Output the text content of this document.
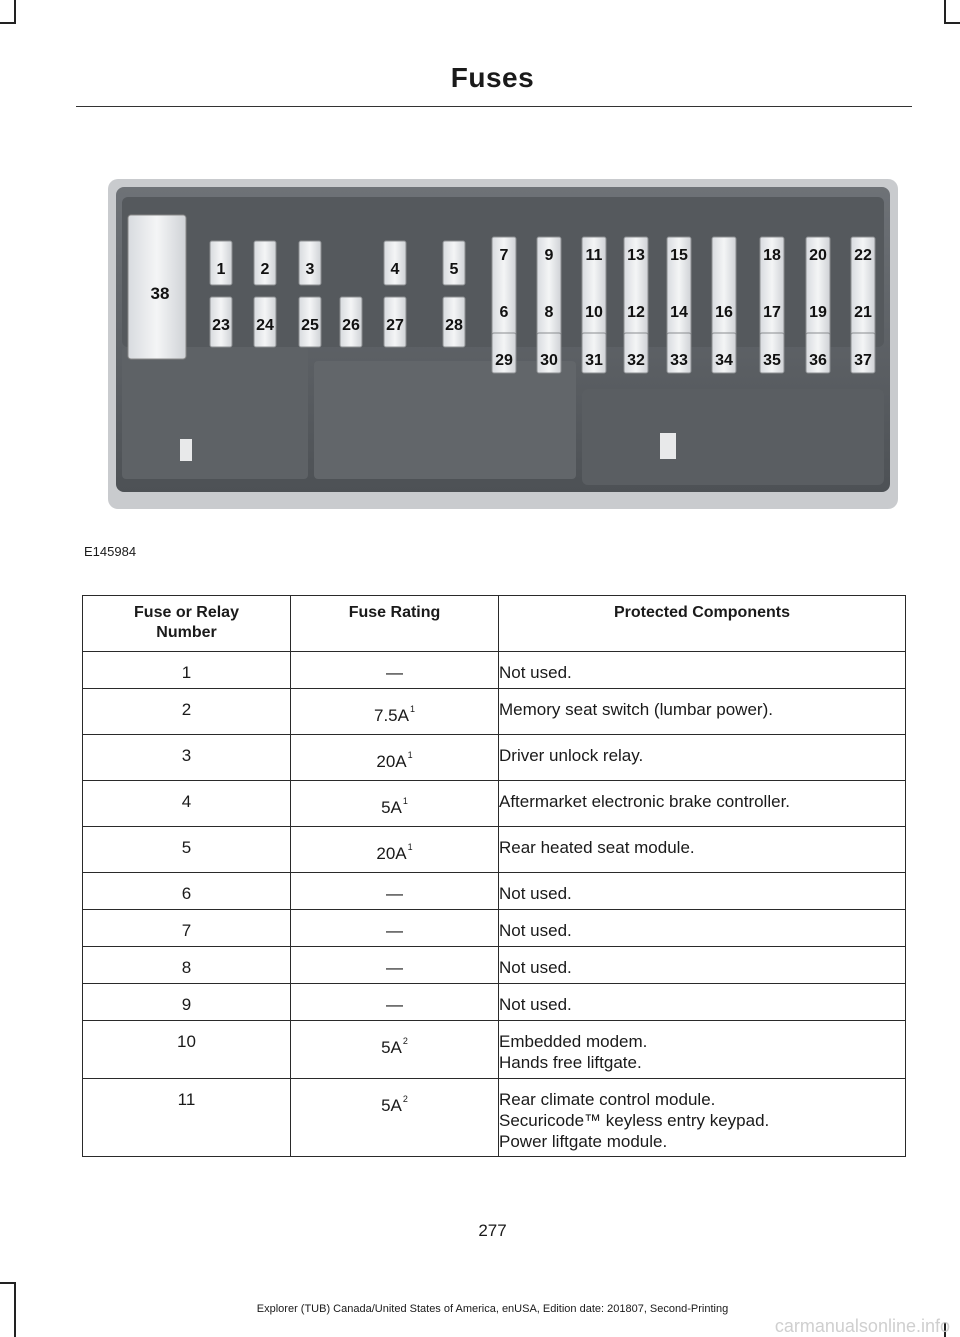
Fuses
38
1 2 3	4	5
23 24 25 26 27	28
7
6
9
8
11
10
13
12
15
14 16
18
17
20
19
22
21
29 30 31 32 33 34 35 36 37
E145984
Fuse or Relay Number	Fuse Rating	Protected Components
1	—	Not used.

2	$7.5A^1$	Memory seat switch (lumbar power).

3	$20A^1$	Driver unlock relay.

4	$5A^1$	Aftermarket electronic brake controller.

5	$20A^1$	Rear heated seat module.

6	—	Not used.

7	—	Not used.

8	—	Not used.

9	—	Not used.

10	$5A^2$	Embedded modem.
Hands free liftgate.

11	$5A^2$	Rear climate control module.
Securicode™ keyless entry keypad.
Power liftgate module.
277
Explorer (TUB) Canada/United States of America, enUSA, Edition date: 201807, Second-Printing
carmanualsonline.info
